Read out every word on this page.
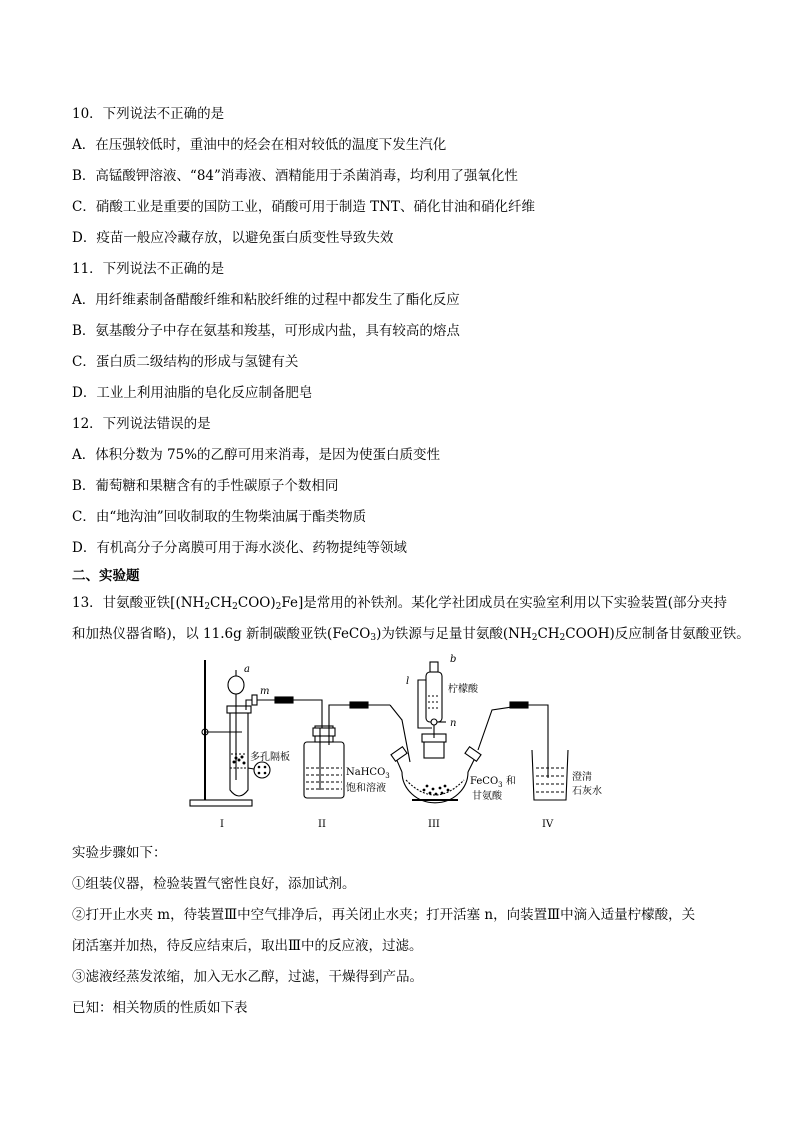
10．下列说法不正确的是
A．在压强较低时，重油中的烃会在相对较低的温度下发生汽化
B．高锰酸钾溶液、“84”消毒液、酒精能用于杀菌消毒，均利用了强氧化性
C．硝酸工业是重要的国防工业，硝酸可用于制造 TNT、硝化甘油和硝化纤维
D．疫苗一般应冷藏存放，以避免蛋白质变性导致失效
11．下列说法不正确的是
A．用纤维素制备醋酸纤维和粘胶纤维的过程中都发生了酯化反应
B．氨基酸分子中存在氨基和羧基，可形成内盐，具有较高的熔点
C．蛋白质二级结构的形成与氢键有关
D．工业上利用油脂的皂化反应制备肥皂
12．下列说法错误的是
A．体积分数为 75%的乙醇可用来消毒，是因为使蛋白质变性
B．葡萄糖和果糖含有的手性碳原子个数相同
C．由“地沟油”回收制取的生物柴油属于酯类物质
D．有机高分子分离膜可用于海水淡化、药物提纯等领域
二、实验题
13．甘氨酸亚铁$[(NH_2CH_2COO)_2Fe]$是常用的补铁剂。某化学社团成员在实验室利用以下实验装置(部分夹持
和加热仪器省略)，以 11.6g 新制碳酸亚铁(FeCO$_3$)为铁源与足量甘氨酸$(NH_2CH_2COOH)$反应制备甘氨酸亚铁。
a
m
多孔隔板
NaHCO$_3$
饱和溶液
b
l
柠檬酸
n
FeCO$_3$ 和
甘氨酸
澄清
石灰水
I	II	III	IV
实验步骤如下：
①组装仪器，检验装置气密性良好，添加试剂。
②打开止水夹 m，待装置Ⅲ中空气排净后，再关闭止水夹；打开活塞 n，向装置Ⅲ中滴入适量柠檬酸，关
闭活塞并加热，待反应结束后，取出Ⅲ中的反应液，过滤。
③滤液经蒸发浓缩，加入无水乙醇，过滤，干燥得到产品。
已知：相关物质的性质如下表
